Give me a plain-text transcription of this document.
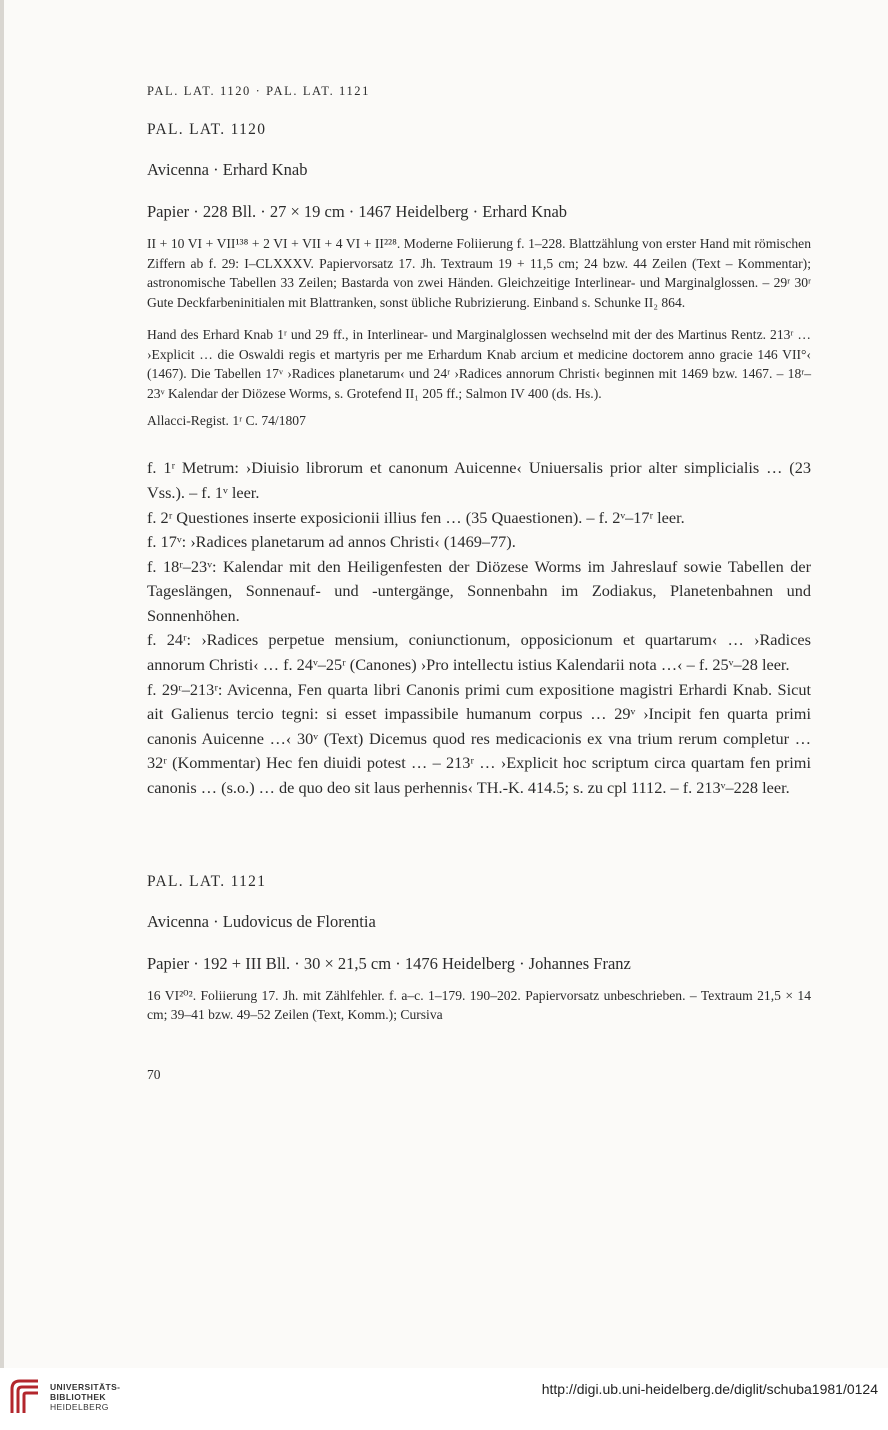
PAL. LAT. 1120 · PAL. LAT. 1121

PAL. LAT. 1120

Avicenna · Erhard Knab

Papier · 228 Bll. · 27 × 19 cm · 1467 Heidelberg · Erhard Knab

II + 10 VI + VII¹³⁸ + 2 VI + VII + 4 VI + II²²⁸. Moderne Foliierung f. 1–228. Blattzählung von erster Hand mit römischen Ziffern ab f. 29: I–CLXXXV. Papiervorsatz 17. Jh. Textraum 19 + 11,5 cm; 24 bzw. 44 Zeilen (Text – Kommentar); astronomische Tabellen 33 Zeilen; Bastarda von zwei Händen. Gleichzeitige Interlinear- und Marginalglossen. – 29ʳ 30ʳ Gute Deckfarbeninitialen mit Blattranken, sonst übliche Rubrizierung. Einband s. Schunke II₂ 864.

Hand des Erhard Knab 1ʳ und 29 ff., in Interlinear- und Marginalglossen wechselnd mit der des Martinus Rentz. 213ʳ … ›Explicit … die Oswaldi regis et martyris per me Erhardum Knab arcium et medicine doctorem anno gracie 146 VII°‹ (1467). Die Tabellen 17ᵛ ›Radices planetarum‹ und 24ʳ ›Radices annorum Christi‹ beginnen mit 1469 bzw. 1467. – 18ʳ–23ᵛ Kalendar der Diözese Worms, s. Grotefend II₁ 205 ff.; Salmon IV 400 (ds. Hs.).

Allacci-Regist. 1ʳ C. 74/1807

f. 1ʳ Metrum: ›Diuisio librorum et canonum Auicenne‹ Uniuersalis prior alter simplicialis … (23 Vss.). – f. 1ᵛ leer.

f. 2ʳ Questiones inserte exposicionii illius fen … (35 Quaestionen). – f. 2ᵛ–17ʳ leer.

f. 17ᵛ: ›Radices planetarum ad annos Christi‹ (1469–77).

f. 18ʳ–23ᵛ: Kalendar mit den Heiligenfesten der Diözese Worms im Jahreslauf sowie Tabellen der Tageslängen, Sonnenauf- und -untergänge, Sonnenbahn im Zodiakus, Planetenbahnen und Sonnenhöhen.

f. 24ʳ: ›Radices perpetue mensium, coniunctionum, opposicionum et quartarum‹ … ›Radices annorum Christi‹ … f. 24ᵛ–25ʳ (Canones) ›Pro intellectu istius Kalendarii nota …‹ – f. 25ᵛ–28 leer.

f. 29ʳ–213ʳ: Avicenna, Fen quarta libri Canonis primi cum expositione magistri Erhardi Knab. Sicut ait Galienus tercio tegni: si esset impassibile humanum corpus … 29ᵛ ›Incipit fen quarta primi canonis Auicenne …‹ 30ᵛ (Text) Dicemus quod res medicacionis ex vna trium rerum completur … 32ʳ (Kommentar) Hec fen diuidi potest … – 213ʳ … ›Explicit hoc scriptum circa quartam fen primi canonis … (s.o.) … de quo deo sit laus perhennis‹ TH.-K. 414.5; s. zu cpl 1112. – f. 213ᵛ–228 leer.

PAL. LAT. 1121

Avicenna · Ludovicus de Florentia

Papier · 192 + III Bll. · 30 × 21,5 cm · 1476 Heidelberg · Johannes Franz

16 VI²⁰². Foliierung 17. Jh. mit Zählfehler. f. a–c. 1–179. 190–202. Papiervorsatz unbeschrieben. – Textraum 21,5 × 14 cm; 39–41 bzw. 49–52 Zeilen (Text, Komm.); Cursiva

70

UNIVERSITÄTS-
BIBLIOTHEK
HEIDELBERG
http://digi.ub.uni-heidelberg.de/diglit/schuba1981/0124
